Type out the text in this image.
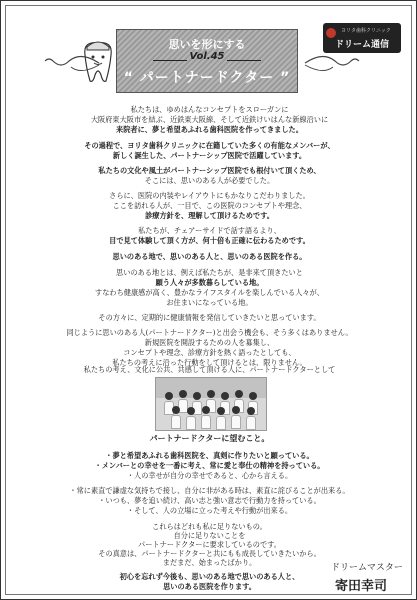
思いを形にする
Vol.45
“ パートナードクター ”
ヨリタ歯科クリニック
ドリーム通信
私たちは、ゆめはんなコンセプトをスローガンに
大阪府東大阪市を結ぶ、近鉄東大阪線、そして近鉄けいはんな新線沿いに
来院者に、夢と希望あふれる歯科医院を作ってきました。
その過程で、ヨリタ歯科クリニックに在籍していた多くの有能なメンバーが、
新しく誕生した、パートナーシップ医院で活躍しています。
私たちの文化や風土がパートナーシップ医院でも根付いて頂くため、
そこには、思いのある人が必要でした。
さらに、医院の内装やレイアウトにもかなりこだわりました。
ここを訪れる人が、一目で、この医院のコンセプトや理念、
診療方針を、理解して頂けるためです。
私たちが、チェアーサイドで話す語るより、
目で見て体験して頂く方が、何十倍も正確に伝わるためです。
思いのある地で、思いのある人と、思いのある医院を作る。
思いのある地とは、例えば私たちが、是非来て頂きたいと
願う人々が多数暮らしている地。
すなわち健康感が高く、豊かなライフスタイルを楽しんでいる人々が、
お住まいになっている地。
その方々に、定期的に健康情報を発信していきたいと思っています。
同じように思いのある人(パートナードクター)と出会う機会も、そう多くはありません。
新規医院を開設するための人を募集し、
コンセプトや理念、診療方針を熱く語ったとしても、
私たちの考えに沿った行動をして頂けるとは、限りません。
私たちの考え、文化に公共、共感して頂ける人に、パートナードクターとして
パートナードクターに望むこと。
・夢と希望あふれる歯科医院を、真剣に作りたいと願っている。
・メンバーとの幸せを一番に考え、常に愛と奉仕の精神を持っている。
・人の幸せが自分の幸せであると、心から言える。
・常に素直で謙虚な気持ちで接し、自分に非がある時は、素直に詫びることが出来る。
・いつも、夢を追い続け、高い志と強い意志で行動力を持っている。
・そして、人の立場に立った考えや行動が出来る。
これらはどれも私に足りないもの。
自分に足りないことを
パートナードクターに要求しているのです。
その真意は、パートナードクターと共にもも成長していきたいから。
まだまだ、始まったばかり。
初心を忘れず今後も、思いのある地で思いのある人と、
思いのある医院を作ります。
ドリームマスター
寄田幸司
